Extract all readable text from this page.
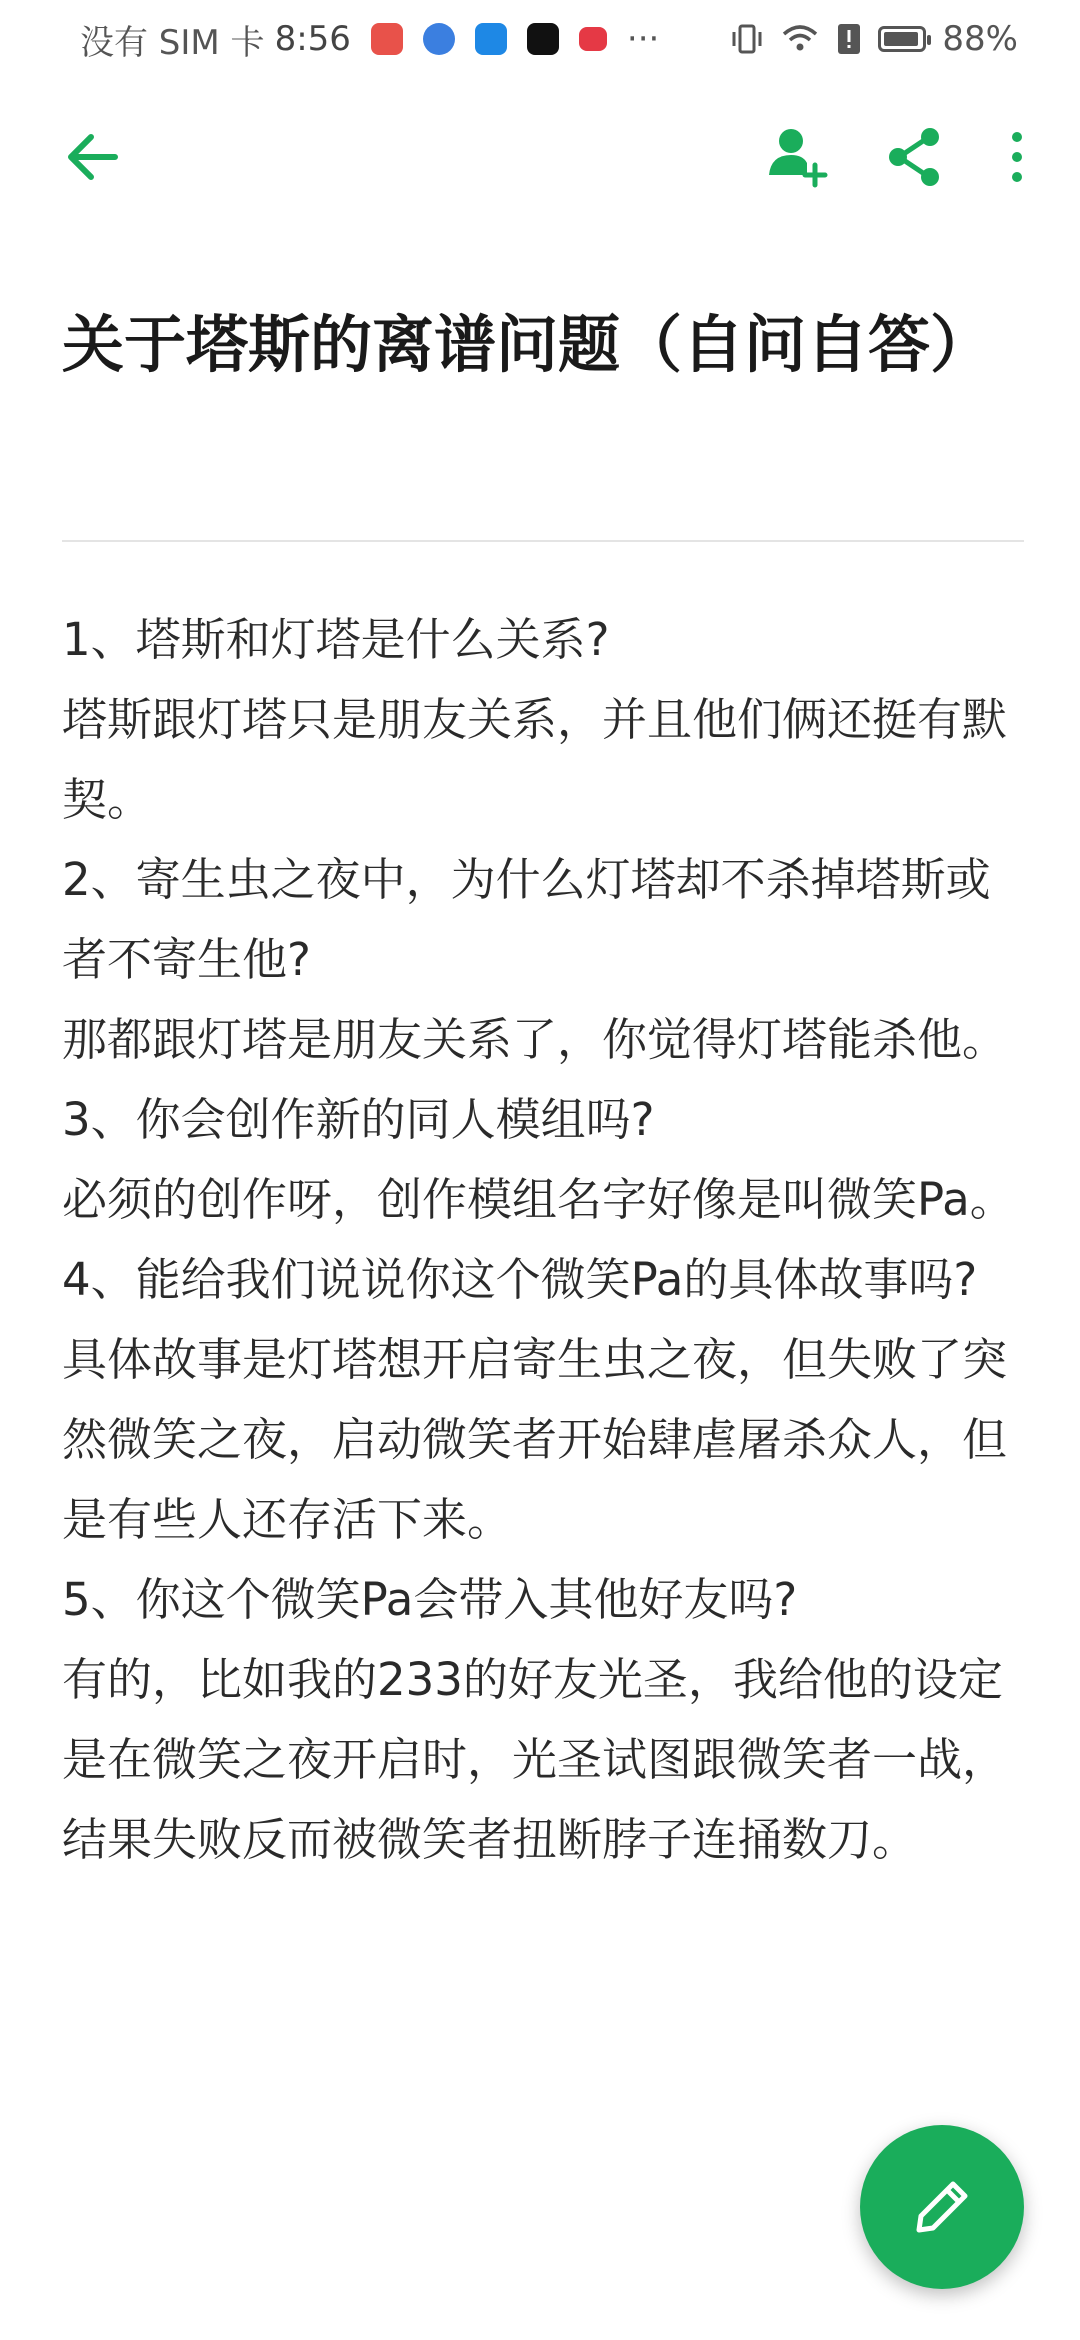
没有 SIM 卡 8:56	···	88%
关于塔斯的离谱问题（自问自答）

1、塔斯和灯塔是什么关系?

塔斯跟灯塔只是朋友关系，并且他们俩还挺有默契。

2、寄生虫之夜中，为什么灯塔却不杀掉塔斯或者不寄生他?

那都跟灯塔是朋友关系了，你觉得灯塔能杀他。

3、你会创作新的同人模组吗?

必须的创作呀，创作模组名字好像是叫微笑Pa。

4、能给我们说说你这个微笑Pa的具体故事吗?

具体故事是灯塔想开启寄生虫之夜，但失败了突然微笑之夜，启动微笑者开始肆虐屠杀众人，但是有些人还存活下来。

5、你这个微笑Pa会带入其他好友吗?

有的，比如我的233的好友光圣，我给他的设定是在微笑之夜开启时，光圣试图跟微笑者一战，结果失败反而被微笑者扭断脖子连捅数刀。
